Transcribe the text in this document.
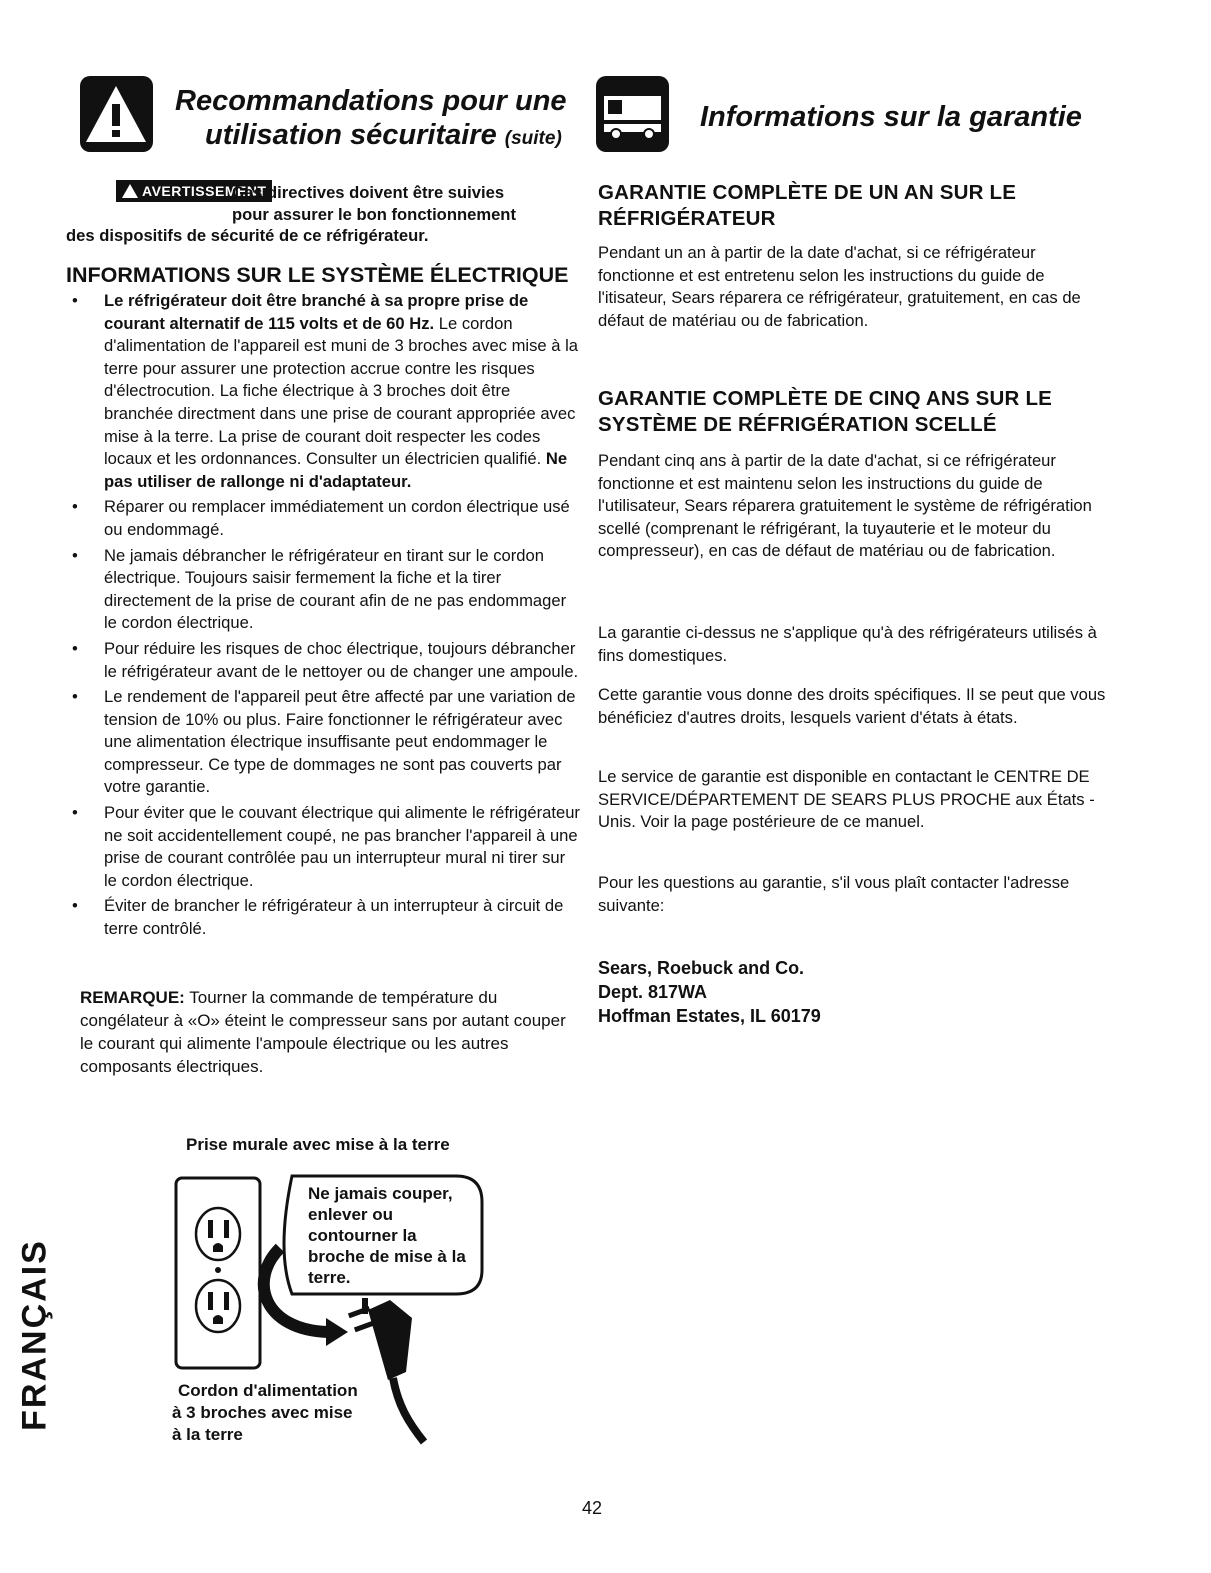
Recommandations pour une
utilisation sécuritaire (suite)
Informations sur la garantie
AVERTISSEMENT
Ces directives doivent être suivies
pour assurer le bon fonctionnement
des dispositifs de sécurité de ce réfrigérateur.
INFORMATIONS SUR LE SYSTÈME ÉLECTRIQUE
• Le réfrigérateur doit être branché à sa propre prise de courant alternatif de 115 volts et de 60 Hz. Le cordon d'alimentation de l'appareil est muni de 3 broches avec mise à la terre pour assurer une protection accrue contre les risques d'électrocution. La fiche électrique à 3 broches doit être branchée directment dans une prise de courant appropriée avec mise à la terre. La prise de courant doit respecter les codes locaux et les ordonnances. Consulter un électricien qualifié. Ne pas utiliser de rallonge ni d'adaptateur.
• Réparer ou remplacer immédiatement un cordon électrique usé ou endommagé.
• Ne jamais débrancher le réfrigérateur en tirant sur le cordon électrique. Toujours saisir fermement la fiche et la tirer directement de la prise de courant afin de ne pas endommager le cordon électrique.
• Pour réduire les risques de choc électrique, toujours débrancher le réfrigérateur avant de le nettoyer ou de changer une ampoule.
• Le rendement de l'appareil peut être affecté par une variation de tension de 10% ou plus. Faire fonctionner le réfrigérateur avec une alimentation électrique insuffisante peut endommager le compresseur. Ce type de dommages ne sont pas couverts par votre garantie.
• Pour éviter que le couvant électrique qui alimente le réfrigérateur ne soit accidentellement coupé, ne pas brancher l'appareil à une prise de courant contrôlée pau un interrupteur mural ni tirer sur le cordon électrique.
• Éviter de brancher le réfrigérateur à un interrupteur à circuit de terre contrôlé.
REMARQUE: Tourner la commande de température du congélateur à «O» éteint le compresseur sans por autant couper le courant qui alimente l'ampoule électrique ou les autres composants électriques.
Prise murale avec mise à la terre
Ne jamais couper, enlever ou contourner la broche de mise à la terre.
Cordon d'alimentation
à 3 broches avec mise
à la terre
FRANÇAIS
GARANTIE COMPLÈTE DE UN AN SUR LE RÉFRIGÉRATEUR
Pendant un an à partir de la date d'achat, si ce réfrigérateur fonctionne et est entretenu selon les instructions du guide de l'itisateur, Sears réparera ce réfrigérateur, gratuitement, en cas de défaut de matériau ou de fabrication.
GARANTIE COMPLÈTE DE CINQ ANS SUR LE SYSTÈME DE RÉFRIGÉRATION SCELLÉ
Pendant cinq ans à partir de la date d'achat, si ce réfrigérateur fonctionne et est maintenu selon les instructions du guide de l'utilisateur, Sears réparera gratuitement le système de réfrigération scellé (comprenant le réfrigérant, la tuyauterie et le moteur du compresseur), en cas de défaut de matériau ou de fabrication.
La garantie ci-dessus ne s'applique qu'à des réfrigérateurs utilisés à fins domestiques.
Cette garantie vous donne des droits spécifiques. Il se peut que vous bénéficiez d'autres droits, lesquels varient d'états à états.
Le service de garantie est disponible en contactant le CENTRE DE SERVICE/DÉPARTEMENT DE SEARS PLUS PROCHE aux États - Unis. Voir la page postérieure de ce manuel.
Pour les questions au garantie, s'il vous plaît contacter l'adresse suivante:
Sears, Roebuck and Co.
Dept. 817WA
Hoffman Estates, IL 60179
42
